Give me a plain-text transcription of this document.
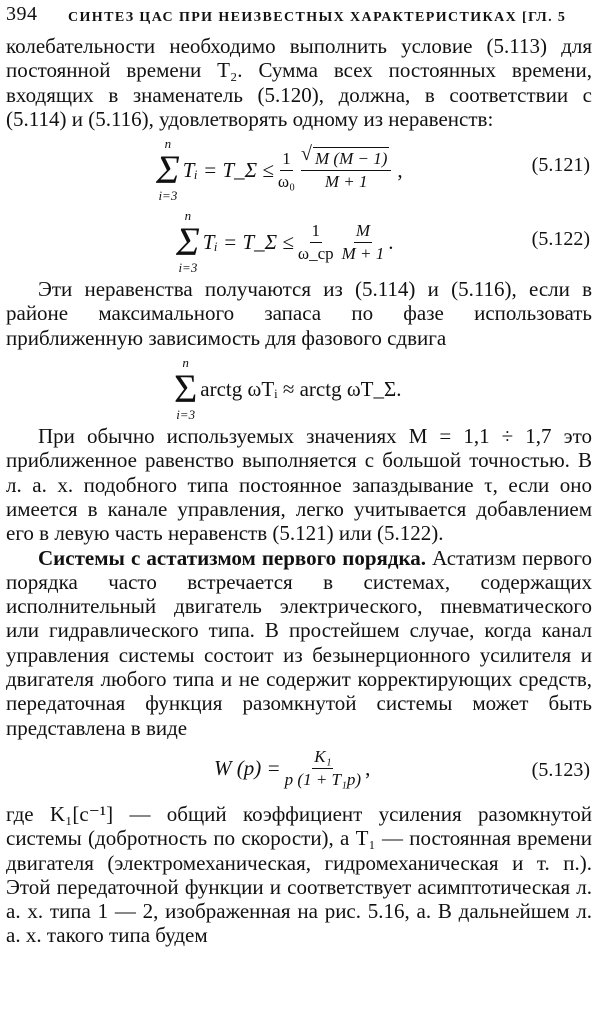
394 СИНТЕЗ ЦАС ПРИ НЕИЗВЕСТНЫХ ХАРАКТЕРИСТИКАХ [ГЛ. 5

колебательности необходимо выполнить условие (5.113) для постоянной времени T₂. Сумма всех постоянных времени, входящих в знаменатель (5.120), должна, в соответствии с (5.114) и (5.116), удовлетворять одному из неравенств:

n
Σ
i=3
Tᵢ = T_Σ ≤ $\frac{1}{\text{ω₀}}$
√ $\frac{M (M - 1)}{M + 1}$ ,	(5.121)
n
Σ
i=3
Tᵢ = T_Σ ≤ $\frac{1}{\omega\_ср} \frac{M}{M + 1}$ .	(5.122)

Эти неравенства получаются из (5.114) и (5.116), если в районе максимального запаса по фазе использовать приближенную зависимость для фазового сдвига

n
Σ
i=3
arctg ωTᵢ ≈ arctg ωT_Σ.

При обычно используемых значениях M = 1,1 ÷ 1,7 это приближенное равенство выполняется с большой точностью. В л. а. х. подобного типа постоянное запаздывание τ, если оно имеется в канале управления, легко учитывается добавлением его в левую часть неравенств (5.121) или (5.122).

Системы с астатизмом первого порядка. Астатизм первого порядка часто встречается в системах, содержащих исполнительный двигатель электрического, пневматического или гидравлического типа. В простейшем случае, когда канал управления системы состоит из безынерционного усилителя и двигателя любого типа и не содержит корректирующих средств, передаточная функция разомкнутой системы может быть представлена в виде

W $(p) = \frac{\text{K₁}}{\text{p (1 + T₁p)}}$ ,	(5.123)

где K₁[c⁻¹] — общий коэффициент усиления разомкнутой системы (добротность по скорости), а T₁ — постоянная времени двигателя (электромеханическая, гидромеханическая и т. п.). Этой передаточной функции и соответствует асимптотическая л. а. х. типа 1 — 2, изображенная на рис. 5.16, a. В дальнейшем л. а. х. такого типа будем
